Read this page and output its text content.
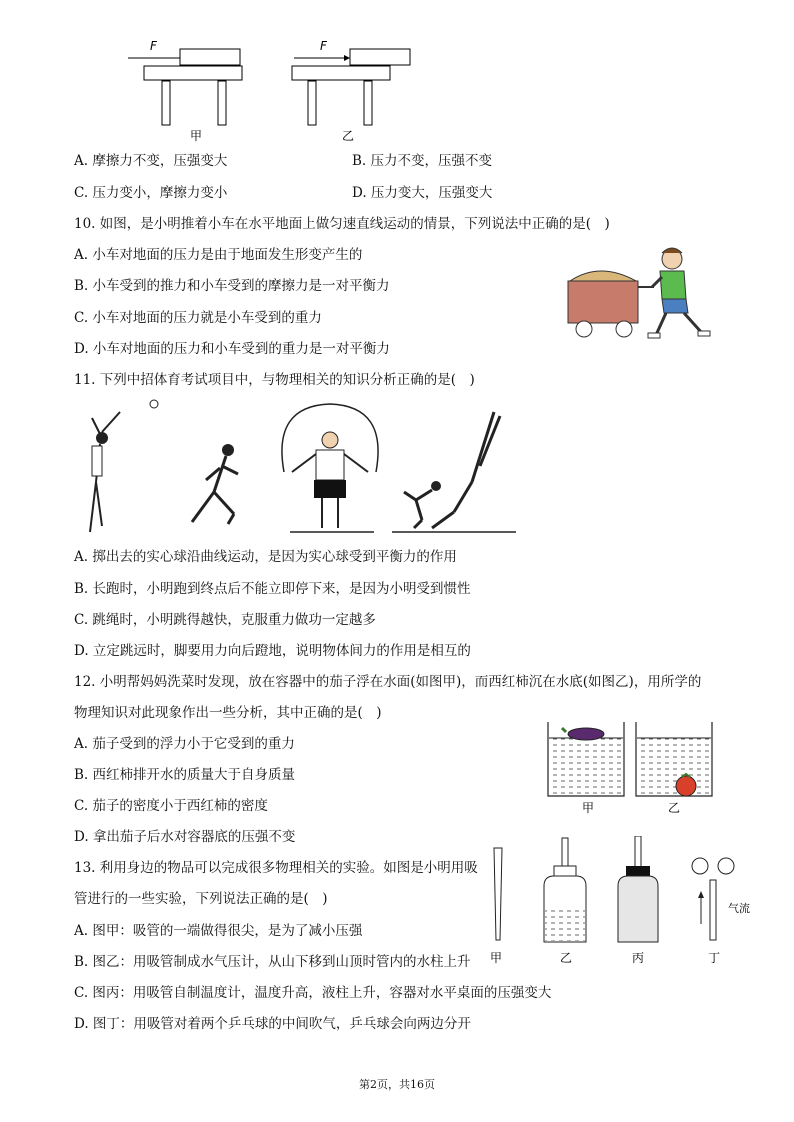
F
甲
F
乙
A. 摩擦力不变，压强变大	B. 压力不变，压强不变
C. 压力变小，摩擦力变小	D. 压力变大，压强变大
10. 如图，是小明推着小车在水平地面上做匀速直线运动的情景，下列说法中正确的是(　)
A. 小车对地面的压力是由于地面发生形变产生的
B. 小车受到的推力和小车受到的摩擦力是一对平衡力
C. 小车对地面的压力就是小车受到的重力
D. 小车对地面的压力和小车受到的重力是一对平衡力
11. 下列中招体育考试项目中，与物理相关的知识分析正确的是(　)
A. 掷出去的实心球沿曲线运动，是因为实心球受到平衡力的作用
B. 长跑时，小明跑到终点后不能立即停下来，是因为小明受到惯性
C. 跳绳时，小明跳得越快，克服重力做功一定越多
D. 立定跳远时，脚要用力向后蹬地，说明物体间力的作用是相互的
12. 小明帮妈妈洗菜时发现，放在容器中的茄子浮在水面(如图甲)，而西红柿沉在水底(如图乙)，用所学的
物理知识对此现象作出一些分析，其中正确的是(　)
A. 茄子受到的浮力小于它受到的重力
B. 西红柿排开水的质量大于自身质量
C. 茄子的密度小于西红柿的密度
D. 拿出茄子后水对容器底的压强不变
甲	乙
13. 利用身边的物品可以完成很多物理相关的实验。如图是小明用吸
管进行的一些实验，下列说法正确的是(　)
A. 图甲：吸管的一端做得很尖，是为了减小压强
B. 图乙：用吸管制成水气压计，从山下移到山顶时管内的水柱上升
C. 图丙：用吸管自制温度计，温度升高，液柱上升，容器对水平桌面的压强变大
D. 图丁：用吸管对着两个乒乓球的中间吹气，乒乓球会向两边分开
甲	乙	丙
气流
丁
第2页，共16页
